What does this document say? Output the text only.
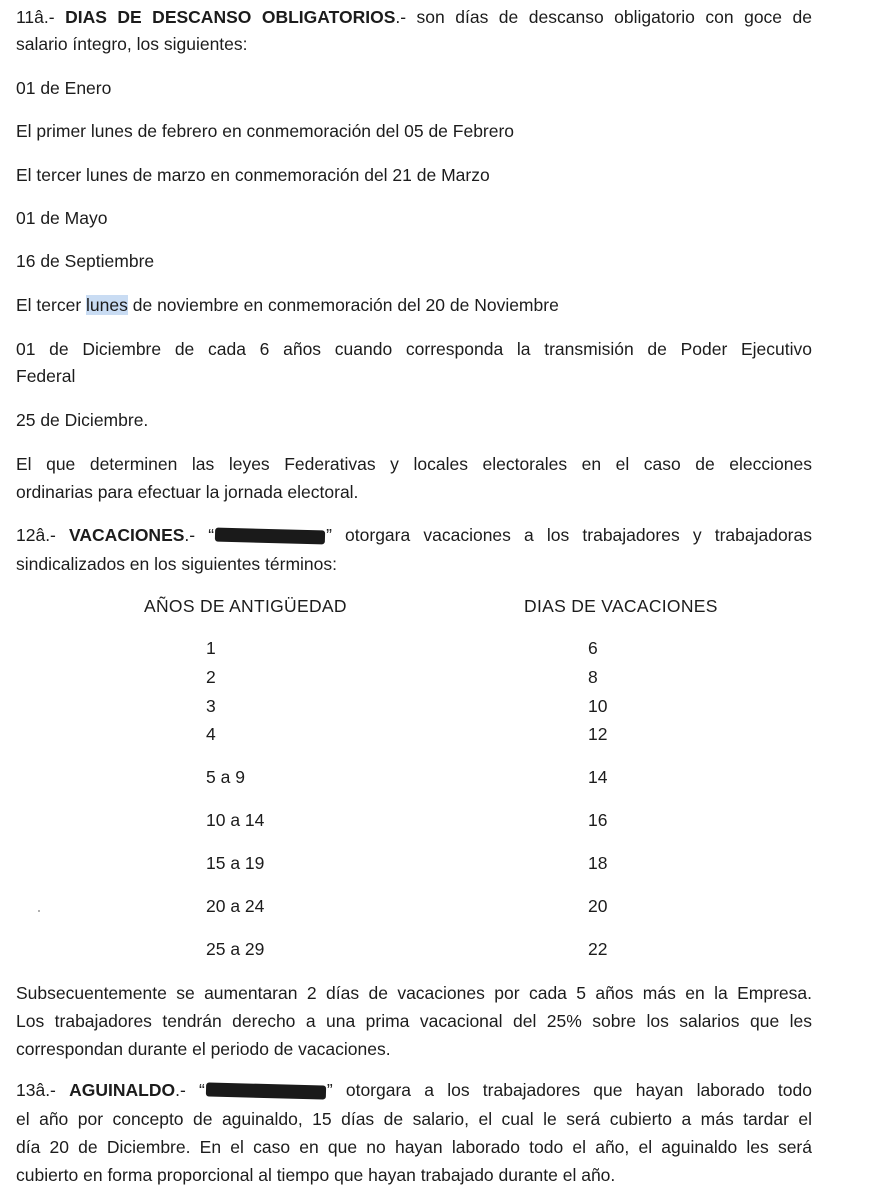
11â.- DIAS DE DESCANSO OBLIGATORIOS.- son días de descanso obligatorio con goce de
salario íntegro, los siguientes:
01 de Enero
El primer lunes de febrero en conmemoración del 05 de Febrero
El tercer lunes de marzo en conmemoración del 21 de Marzo
01 de Mayo
16 de Septiembre
El tercer lunes de noviembre en conmemoración del 20 de Noviembre
01 de Diciembre de cada 6 años cuando corresponda la transmisión de Poder Ejecutivo
Federal
25 de Diciembre.
El que determinen las leyes Federativas y locales electorales en el caso de elecciones
ordinarias para efectuar la jornada electoral.
12â.- VACACIONES.- “	” otorgara vacaciones a los trabajadores y trabajadoras
sindicalizados en los siguientes términos:
AÑOS DE ANTIGÜEDAD	DIAS DE VACACIONES
1	6
2	8
3	10
4	12
5 a 9	14
10 a 14	16
15 a 19	18
20 a 24	20
25 a 29	22
Subsecuentemente se aumentaran 2 días de vacaciones por cada 5 años más en la Empresa.
Los trabajadores tendrán derecho a una prima vacacional del 25% sobre los salarios que les
correspondan durante el periodo de vacaciones.
13â.- AGUINALDO.- “	” otorgara a los trabajadores que hayan laborado todo
el año por concepto de aguinaldo, 15 días de salario, el cual le será cubierto a más tardar el
día 20 de Diciembre. En el caso en que no hayan laborado todo el año, el aguinaldo les será
cubierto en forma proporcional al tiempo que hayan trabajado durante el año.
